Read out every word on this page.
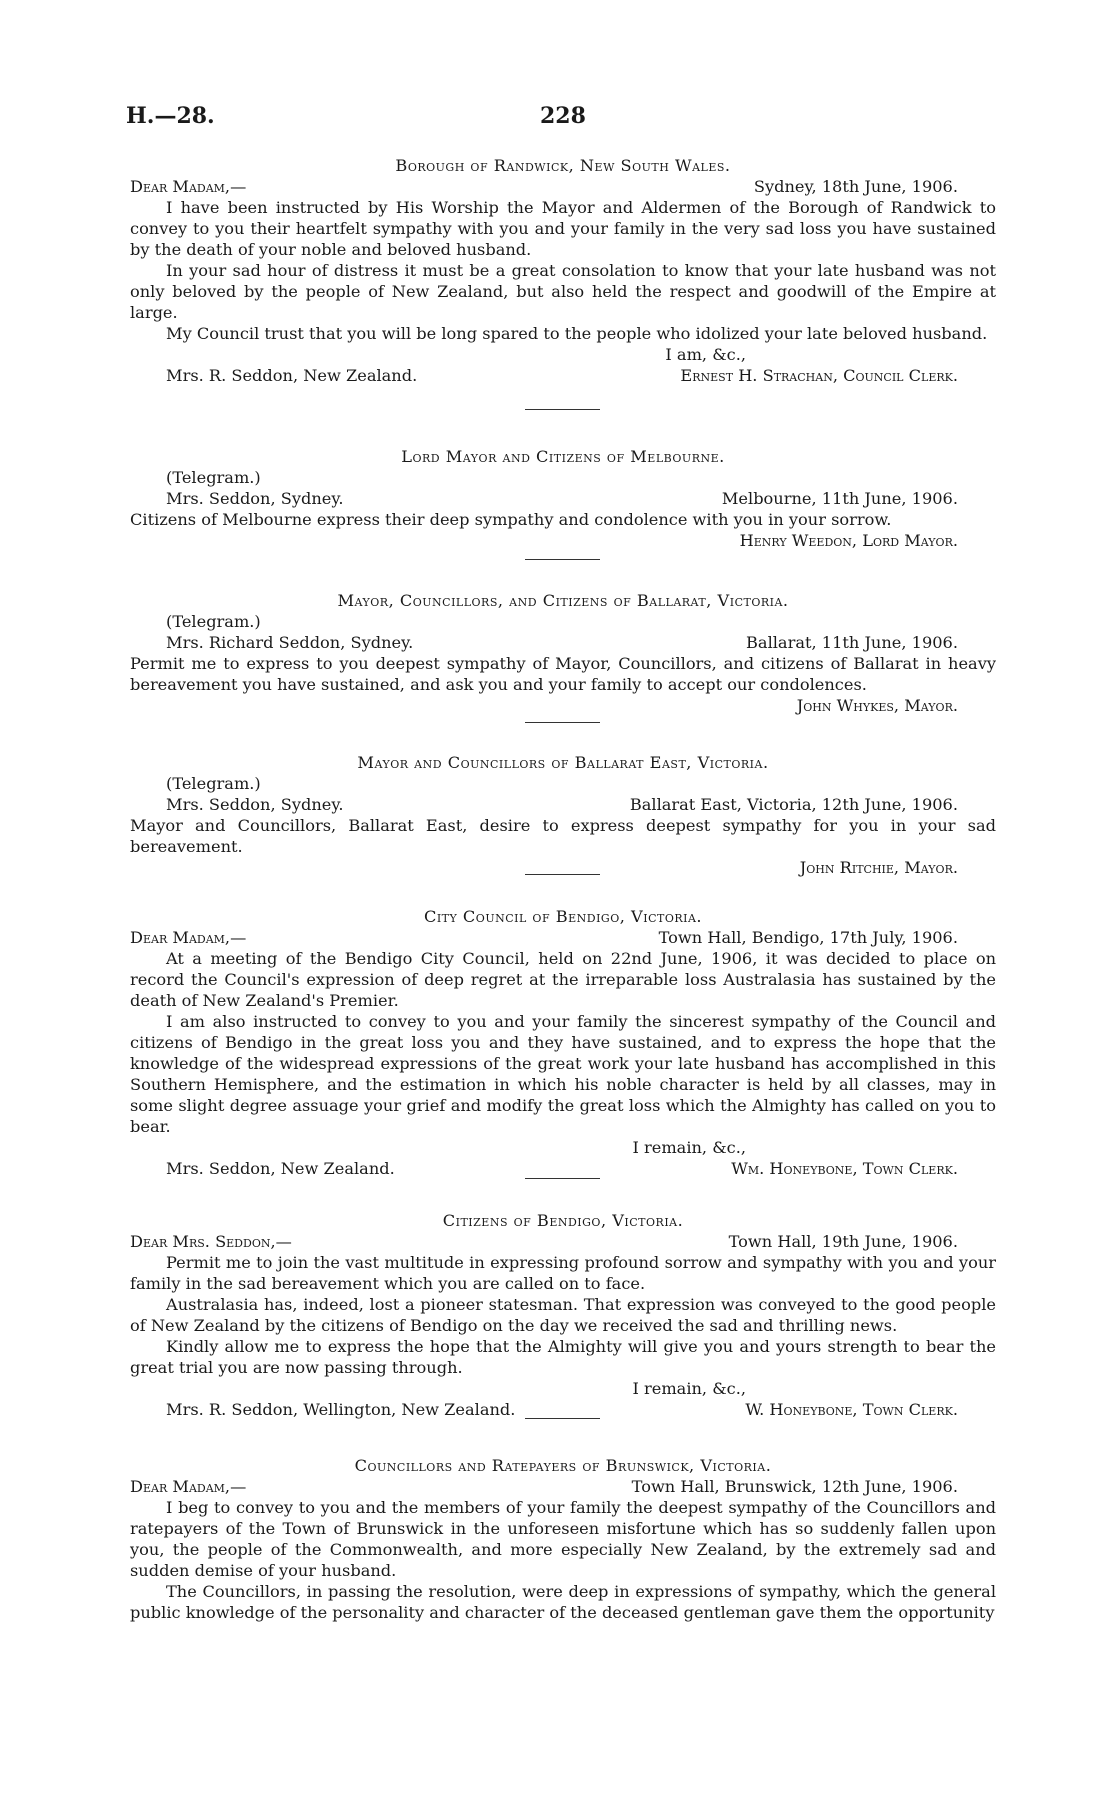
H.—28.	228
Borough of Randwick, New South Wales.
Dear Madam,—	Sydney, 18th June, 1906.

I have been instructed by His Worship the Mayor and Aldermen of the Borough of Randwick to convey to you their heartfelt sympathy with you and your family in the very sad loss you have sustained by the death of your noble and beloved husband.

In your sad hour of distress it must be a great consolation to know that your late husband was not only beloved by the people of New Zealand, but also held the respect and goodwill of the Empire at large.

My Council trust that you will be long spared to the people who idolized your late beloved husband.

I am, &c.,
Mrs. R. Seddon, New Zealand.	Ernest H. Strachan, Council Clerk.
Lord Mayor and Citizens of Melbourne.
(Telegram.)
Mrs. Seddon, Sydney.	Melbourne, 11th June, 1906.

Citizens of Melbourne express their deep sympathy and condolence with you in your sorrow.

Henry Weedon, Lord Mayor.
Mayor, Councillors, and Citizens of Ballarat, Victoria.
(Telegram.)
Mrs. Richard Seddon, Sydney.	Ballarat, 11th June, 1906.

Permit me to express to you deepest sympathy of Mayor, Councillors, and citizens of Ballarat in heavy bereavement you have sustained, and ask you and your family to accept our condolences.

John Whykes, Mayor.
Mayor and Councillors of Ballarat East, Victoria.
(Telegram.)
Mrs. Seddon, Sydney.	Ballarat East, Victoria, 12th June, 1906.

Mayor and Councillors, Ballarat East, desire to express deepest sympathy for you in your sad bereavement.

John Ritchie, Mayor.
City Council of Bendigo, Victoria.
Dear Madam,—	Town Hall, Bendigo, 17th July, 1906.

At a meeting of the Bendigo City Council, held on 22nd June, 1906, it was decided to place on record the Council's expression of deep regret at the irreparable loss Australasia has sustained by the death of New Zealand's Premier.

I am also instructed to convey to you and your family the sincerest sympathy of the Council and citizens of Bendigo in the great loss you and they have sustained, and to express the hope that the knowledge of the widespread expressions of the great work your late husband has accomplished in this Southern Hemisphere, and the estimation in which his noble character is held by all classes, may in some slight degree assuage your grief and modify the great loss which the Almighty has called on you to bear.

I remain, &c.,
Mrs. Seddon, New Zealand.	Wm. Honeybone, Town Clerk.
Citizens of Bendigo, Victoria.
Dear Mrs. Seddon,—	Town Hall, 19th June, 1906.

Permit me to join the vast multitude in expressing profound sorrow and sympathy with you and your family in the sad bereavement which you are called on to face.

Australasia has, indeed, lost a pioneer statesman. That expression was conveyed to the good people of New Zealand by the citizens of Bendigo on the day we received the sad and thrilling news.

Kindly allow me to express the hope that the Almighty will give you and yours strength to bear the great trial you are now passing through.

I remain, &c.,
Mrs. R. Seddon, Wellington, New Zealand.	W. Honeybone, Town Clerk.
Councillors and Ratepayers of Brunswick, Victoria.
Dear Madam,—	Town Hall, Brunswick, 12th June, 1906.

I beg to convey to you and the members of your family the deepest sympathy of the Councillors and ratepayers of the Town of Brunswick in the unforeseen misfortune which has so suddenly fallen upon you, the people of the Commonwealth, and more especially New Zealand, by the extremely sad and sudden demise of your husband.

The Councillors, in passing the resolution, were deep in expressions of sympathy, which the general public knowledge of the personality and character of the deceased gentleman gave them the opportunity
